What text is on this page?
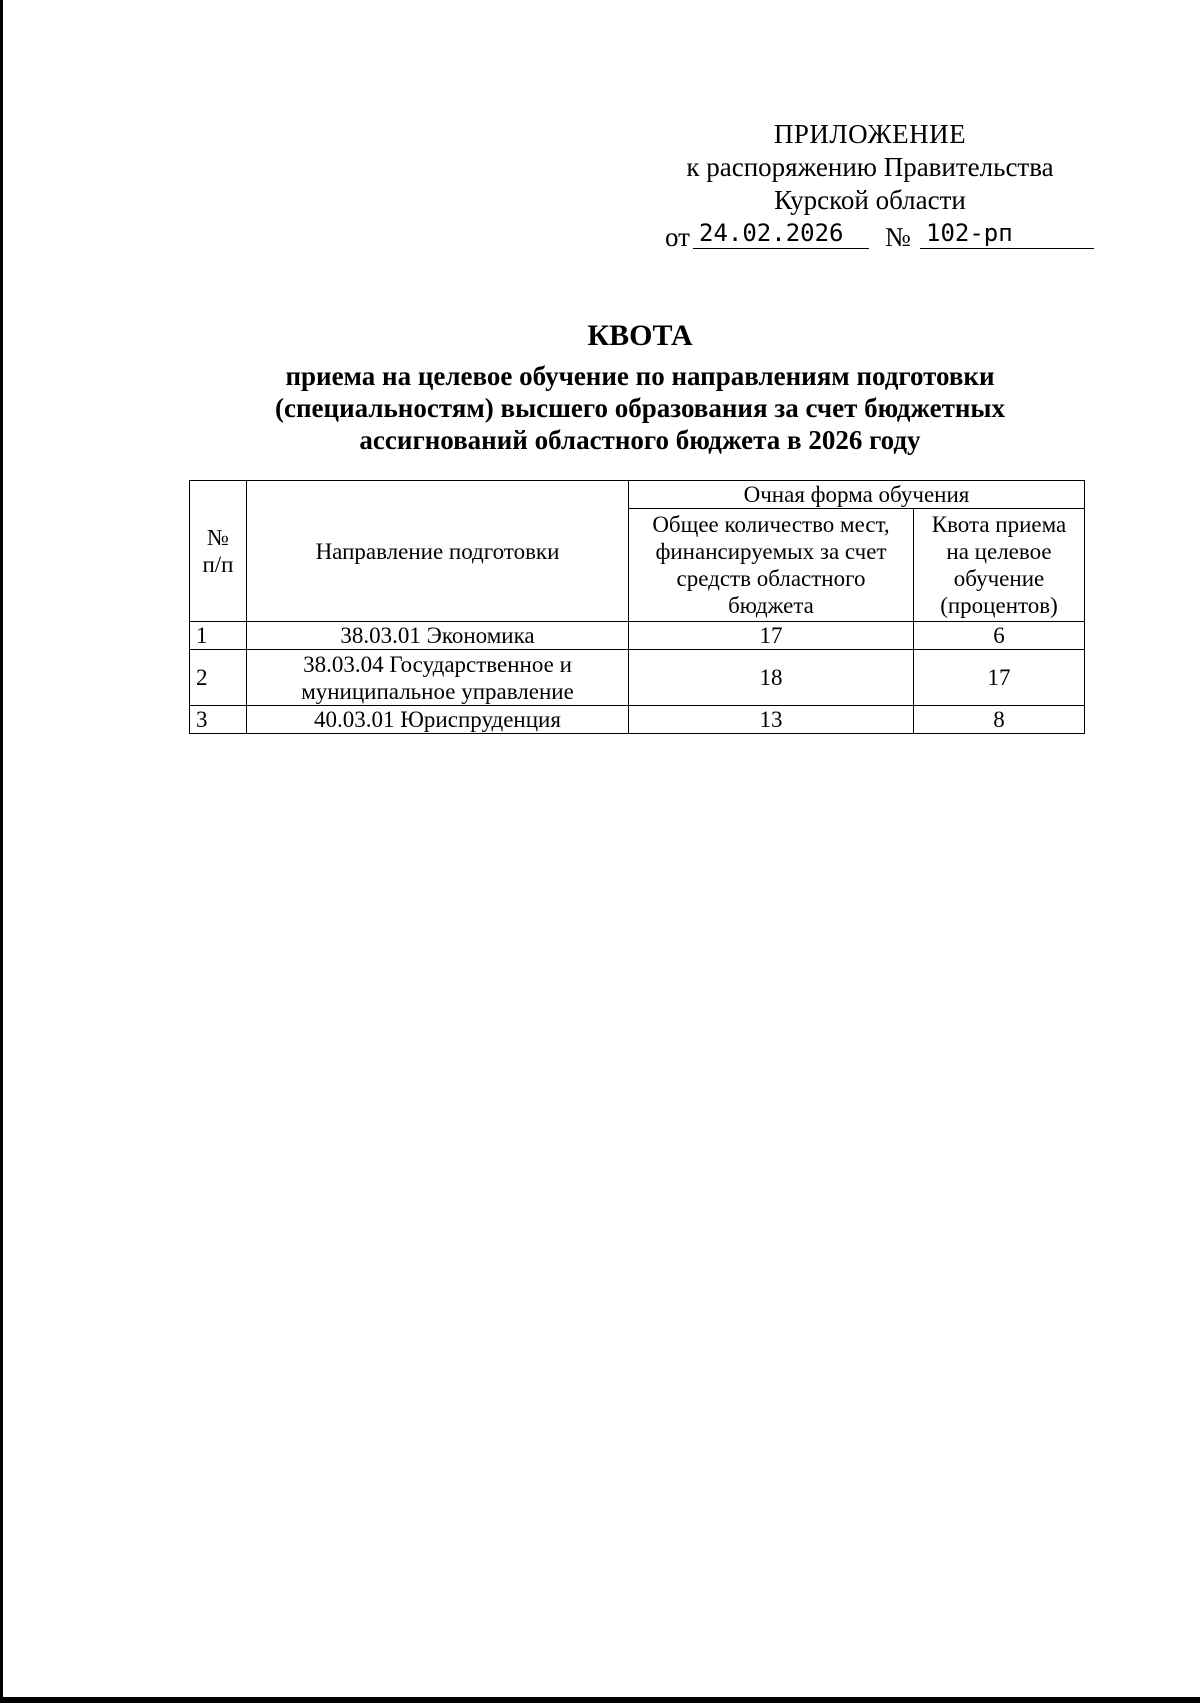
ПРИЛОЖЕНИЕ
к распоряжению Правительства
Курской области
от 24.02.2026	№ 102-рп
КВОТА
приема на целевое обучение по направлениям подготовки
(специальностям) высшего образования за счет бюджетных
ассигнований областного бюджета в 2026 году
№ п/п	Направление подготовки	Очная форма обучения	
		Общее количество мест, финансируемых за счет средств областного бюджета	Квота приема на целевое обучение (процентов)
1	38.03.01 Экономика	17	6
2	38.03.04 Государственное и муниципальное управление	18	17
3	40.03.01 Юриспруденция	13	8
